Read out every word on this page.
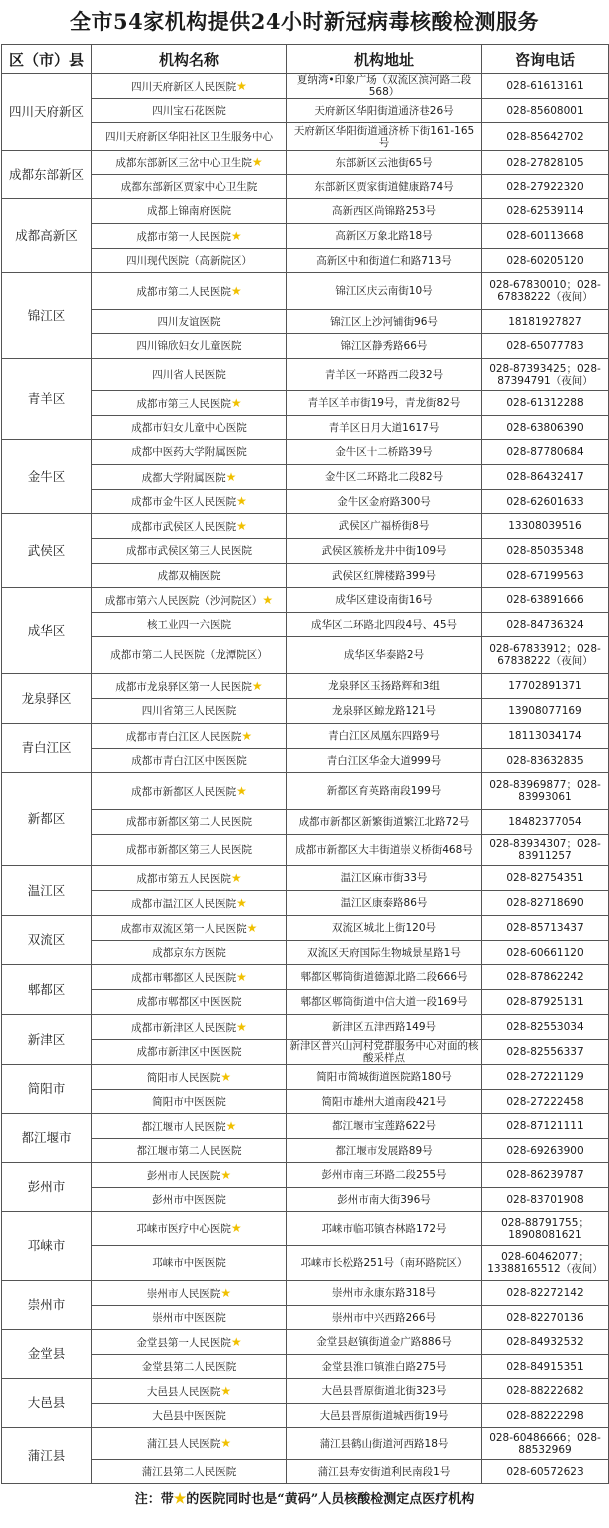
全市54家机构提供24小时新冠病毒核酸检测服务
区（市）县	机构名称	机构地址	咨询电话
四川天府新区	四川天府新区人民医院★	夏纳湾•印象广场（双流区滨河路二段568）	028-61613161
	四川宝石花医院	天府新区华阳街道通济巷26号	028-85608001
	四川天府新区华阳社区卫生服务中心	天府新区华阳街道通济桥下街161-165号	028-85642702
成都东部新区	成都东部新区三岔中心卫生院★	东部新区云池街65号	028-27828105
	成都东部新区贾家中心卫生院	东部新区贾家街道健康路74号	028-27922320
成都高新区	成都上锦南府医院	高新西区尚锦路253号	028-62539114
	成都市第一人民医院★	高新区万象北路18号	028-60113668
	四川现代医院（高新院区）	高新区中和街道仁和路713号	028-60205120
锦江区	成都市第二人民医院★	锦江区庆云南街10号	028-67830010；028-67838222（夜间）
	四川友谊医院	锦江区上沙河铺街96号	18181927827
	四川锦欣妇女儿童医院	锦江区静秀路66号	028-65077783
青羊区	四川省人民医院	青羊区一环路西二段32号	028-87393425；028-87394791（夜间）
	成都市第三人民医院★	青羊区羊市街19号，青龙街82号	028-61312288
	成都市妇女儿童中心医院	青羊区日月大道1617号	028-63806390
金牛区	成都中医药大学附属医院	金牛区十二桥路39号	028-87780684
	成都大学附属医院★	金牛区二环路北二段82号	028-86432417
	成都市金牛区人民医院★	金牛区金府路300号	028-62601633
武侯区	成都市武侯区人民医院★	武侯区广福桥街8号	13308039516
	成都市武侯区第三人民医院	武侯区簇桥龙井中街109号	028-85035348
	成都双楠医院	武侯区红牌楼路399号	028-67199563
成华区	成都市第六人民医院（沙河院区）★	成华区建设南街16号	028-63891666
	核工业四一六医院	成华区二环路北四段4号、45号	028-84736324
	成都市第二人民医院（龙潭院区）	成华区华泰路2号	028-67833912；028-67838222（夜间）
龙泉驿区	成都市龙泉驿区第一人民医院★	龙泉驿区玉扬路辉和3组	17702891371
	四川省第三人民医院	龙泉驿区鲸龙路121号	13908077169
青白江区	成都市青白江区人民医院★	青白江区凤凰东四路9号	18113034174
	成都市青白江区中医医院	青白江区华金大道999号	028-83632835
新都区	成都市新都区人民医院★	新都区育英路南段199号	028-83969877；028-83993061
	成都市新都区第二人民医院	成都市新都区新繁街道繁江北路72号	18482377054
	成都市新都区第三人民医院	成都市新都区大丰街道崇义桥街468号	028-83934307；028-83911257
温江区	成都市第五人民医院★	温江区麻市街33号	028-82754351
	成都市温江区人民医院★	温江区康泰路86号	028-82718690
双流区	成都市双流区第一人民医院★	双流区城北上街120号	028-85713437
	成都京东方医院	双流区天府国际生物城景星路1号	028-60661120
郫都区	成都市郫都区人民医院★	郫都区郫筒街道德源北路二段666号	028-87862242
	成都市郫都区中医医院	郫都区郫筒街道中信大道一段169号	028-87925131
新津区	成都市新津区人民医院★	新津区五津西路149号	028-82553034
	成都市新津区中医医院	新津区普兴山河村党群服务中心对面的核酸采样点	028-82556337
简阳市	简阳市人民医院★	简阳市简城街道医院路180号	028-27221129
	简阳市中医医院	简阳市雄州大道南段421号	028-27222458
都江堰市	都江堰市人民医院★	都江堰市宝莲路622号	028-87121111
	都江堰市第二人民医院	都江堰市发展路89号	028-69263900
彭州市	彭州市人民医院★	彭州市南三环路二段255号	028-86239787
	彭州市中医医院	彭州市南大街396号	028-83701908
邛崃市	邛崃市医疗中心医院★	邛崃市临邛镇杏林路172号	028-88791755；18908081621
	邛崃市中医医院	邛崃市长松路251号（南环路院区）	028-60462077；13388165512（夜间）
崇州市	崇州市人民医院★	崇州市永康东路318号	028-82272142
	崇州市中医医院	崇州市中兴西路266号	028-82270136
金堂县	金堂县第一人民医院★	金堂县赵镇街道金广路886号	028-84932532
	金堂县第二人民医院	金堂县淮口镇淮白路275号	028-84915351
大邑县	大邑县人民医院★	大邑县晋原街道北街323号	028-88222682
	大邑县中医医院	大邑县晋原街道城西街19号	028-88222298
蒲江县	蒲江县人民医院★	蒲江县鹤山街道河西路18号	028-60486666；028-88532969
	蒲江县第二人民医院	蒲江县寿安街道利民南段1号	028-60572623
注：带★的医院同时也是“黄码”人员核酸检测定点医疗机构
